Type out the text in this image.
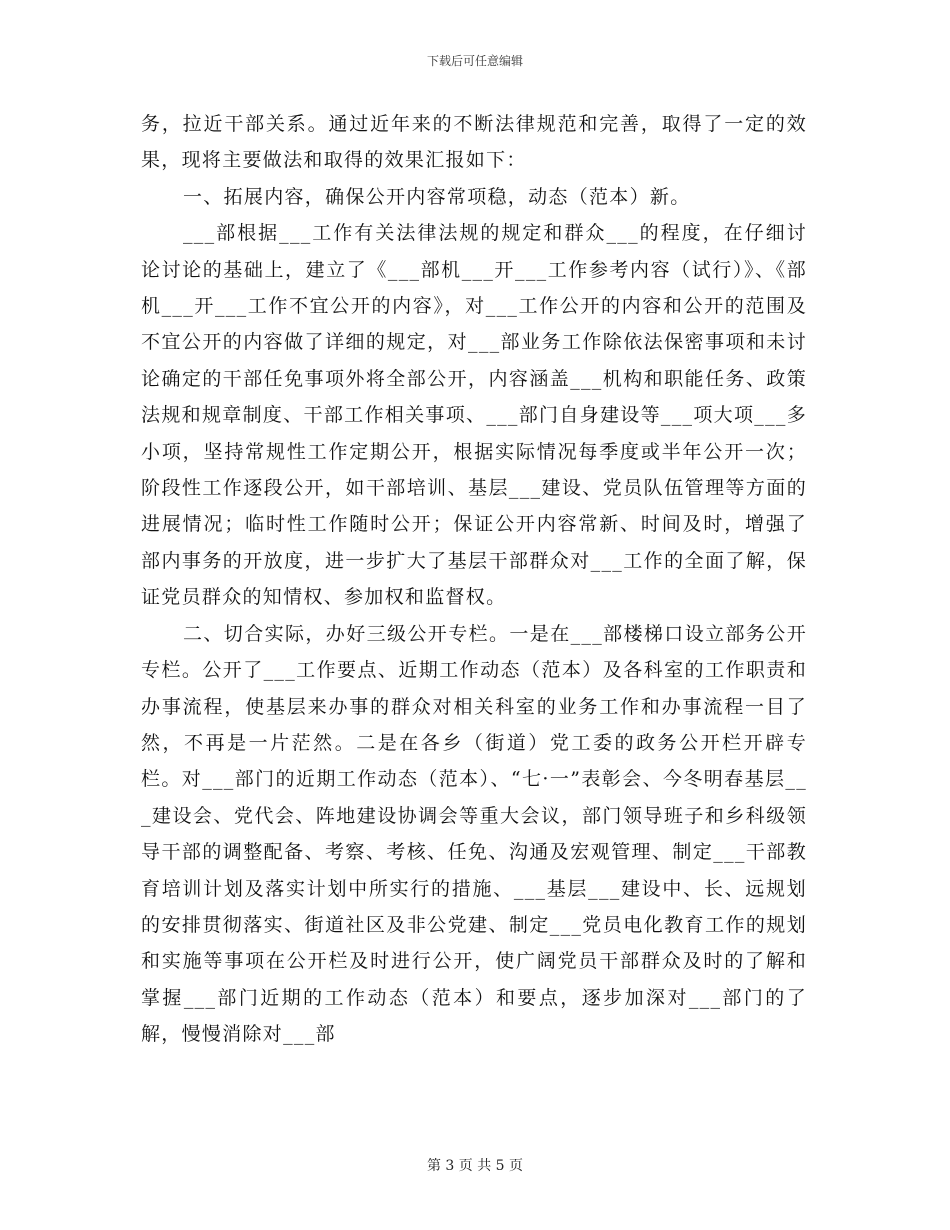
下载后可任意编辑

务，拉近干部关系。通过近年来的不断法律规范和完善，取得了一定的效果，现将主要做法和取得的效果汇报如下：

一、拓展内容，确保公开内容常项稳，动态（范本）新。

___部根据___工作有关法律法规的规定和群众___的程度，在仔细讨论讨论的基础上，建立了《___部机___开___工作参考内容（试行）》、《部机___开___工作不宜公开的内容》，对___工作公开的内容和公开的范围及不宜公开的内容做了详细的规定，对___部业务工作除依法保密事项和未讨论确定的干部任免事项外将全部公开，内容涵盖___机构和职能任务、政策法规和规章制度、干部工作相关事项、___部门自身建设等___项大项___多小项，坚持常规性工作定期公开，根据实际情况每季度或半年公开一次；阶段性工作逐段公开，如干部培训、基层___建设、党员队伍管理等方面的进展情况；临时性工作随时公开；保证公开内容常新、时间及时，增强了部内事务的开放度，进一步扩大了基层干部群众对___工作的全面了解，保证党员群众的知情权、参加权和监督权。

二、切合实际，办好三级公开专栏。一是在___部楼梯口设立部务公开专栏。公开了___工作要点、近期工作动态（范本）及各科室的工作职责和办事流程，使基层来办事的群众对相关科室的业务工作和办事流程一目了然，不再是一片茫然。二是在各乡（街道）党工委的政务公开栏开辟专栏。对___部门的近期工作动态（范本）、“七·一”表彰会、今冬明春基层___建设会、党代会、阵地建设协调会等重大会议，部门领导班子和乡科级领导干部的调整配备、考察、考核、任免、沟通及宏观管理、制定___干部教育培训计划及落实计划中所实行的措施、___基层___建设中、长、远规划的安排贯彻落实、街道社区及非公党建、制定___党员电化教育工作的规划和实施等事项在公开栏及时进行公开，使广阔党员干部群众及时的了解和掌握___部门近期的工作动态（范本）和要点，逐步加深对___部门的了解，慢慢消除对___部

第 3 页 共 5 页
